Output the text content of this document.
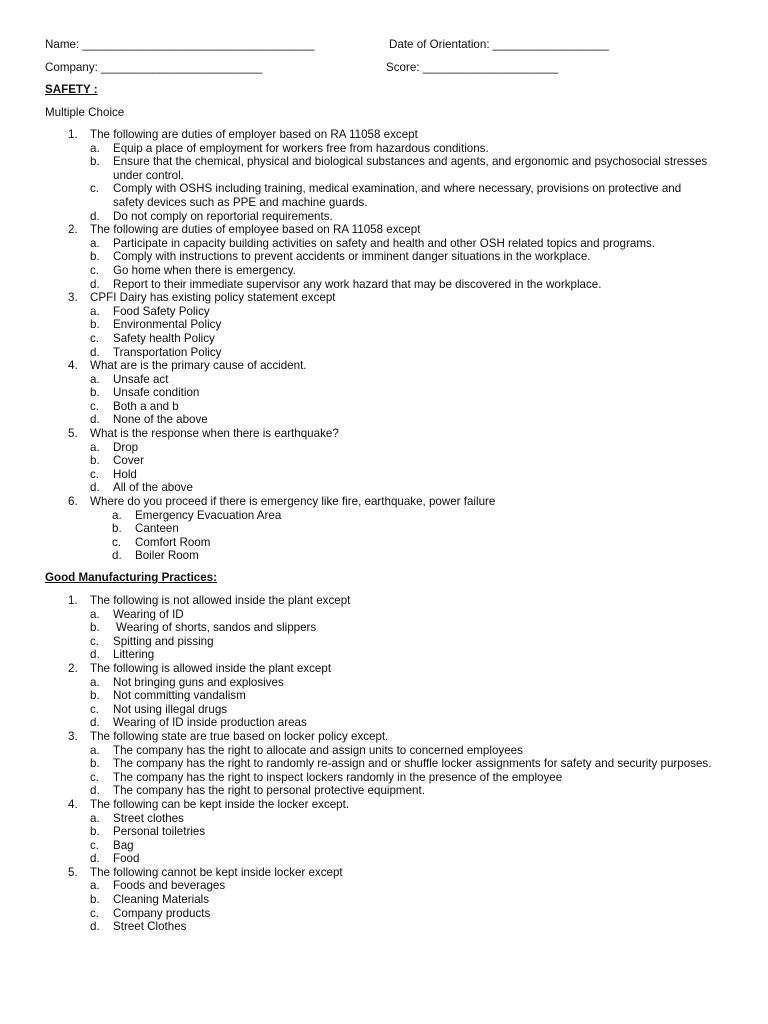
Name: ____________________________________	Date of Orientation: __________________
Company: _________________________	Score: _____________________
SAFETY :
Multiple Choice
1.	The following are duties of employer based on RA 11058 except
a.	Equip a place of employment for workers free from hazardous conditions.
b.	Ensure that the chemical, physical and biological substances and agents, and ergonomic and psychosocial stresses under control.
c.	Comply with OSHS including training, medical examination, and where necessary, provisions on protective and safety devices such as PPE and machine guards.
d.	Do not comply on reportorial requirements.
2.	The following are duties of employee based on RA 11058 except
a.	Participate in capacity building activities on safety and health and other OSH related topics and programs.
b.	Comply with instructions to prevent accidents or imminent danger situations in the workplace.
c.	Go home when there is emergency.
d.	Report to their immediate supervisor any work hazard that may be discovered in the workplace.
3.	CPFI Dairy has existing policy statement except
a.	Food Safety Policy
b.	Environmental Policy
c.	Safety health Policy
d.	Transportation Policy
4.	What are is the primary cause of accident.
a.	Unsafe act
b.	Unsafe condition
c.	Both a and b
d.	None of the above
5.	What is the response when there is earthquake?
a.	Drop
b.	Cover
c.	Hold
d.	All of the above
6.	Where do you proceed if there is emergency like fire, earthquake, power failure
a.	Emergency Evacuation Area
b.	Canteen
c.	Comfort Room
d.	Boiler Room
Good Manufacturing Practices:
1.	The following is not allowed inside the plant except
a.	Wearing of ID
b.	Wearing of shorts, sandos and slippers
c.	Spitting and pissing
d.	Littering
2.	The following is allowed inside the plant except
a.	Not bringing guns and explosives
b.	Not committing vandalism
c.	Not using illegal drugs
d.	Wearing of ID inside production areas
3.	The following state are true based on locker policy except.
a.	The company has the right to allocate and assign units to concerned employees
b.	The company has the right to randomly re-assign and or shuffle locker assignments for safety and security purposes.
c.	The company has the right to inspect lockers randomly in the presence of the employee
d.	The company has the right to personal protective equipment.
4.	The following can be kept inside the locker except.
a.	Street clothes
b.	Personal toiletries
c.	Bag
d.	Food
5.	The following cannot be kept inside locker except
a.	Foods and beverages
b.	Cleaning Materials
c.	Company products
d.	Street Clothes
